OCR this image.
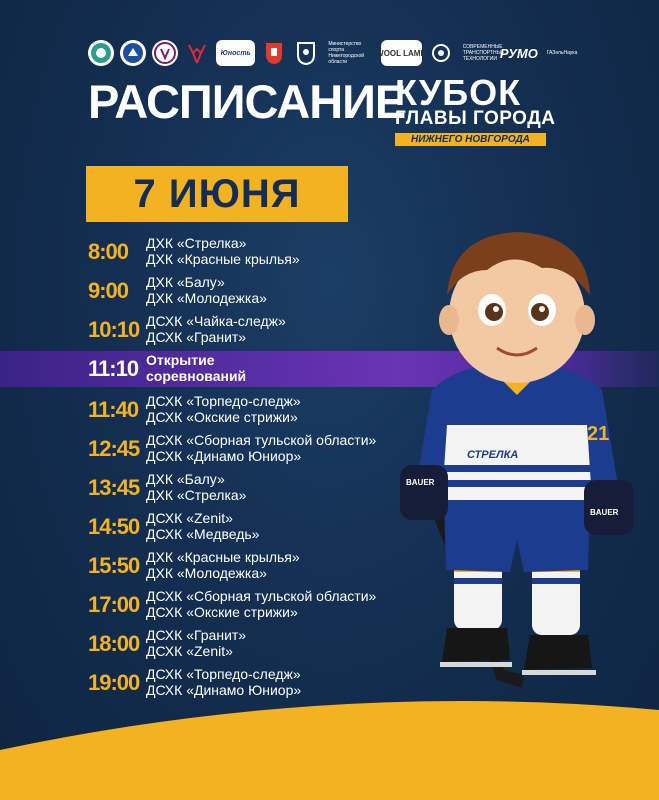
Юность
Министерство спорта Нижегородской области
WOOL LAMB
СОВРЕМЕННЫЕ ТРАНСПОРТНЫЕ ТЕХНОЛОГИИ РУМО ГАЗельНаука
РАСПИСАНИЕ
КУБОК
ГЛАВЫ ГОРОДА
НИЖНЕГО НОВГОРОДА
7 ИЮНЯ
8:00 ДХК «Стрелка»
ДХК «Красные крылья»
9:00 ДХК «Балу»
ДХК «Молодежка»
10:10 ДСХК «Чайка-следж»
ДСХК «Гранит»
11:10 Открытие
соревнований
11:40 ДСХК «Торпедо-следж»
ДСХК «Окские стрижи»
12:45 ДСХК «Сборная тульской области»
ДСХК «Динамо Юниор»
13:45 ДХК «Балу»
ДХК «Стрелка»
14:50 ДСХК «Zenit»
ДСХК «Медведь»
15:50 ДХК «Красные крылья»
ДХК «Молодежка»
17:00 ДСХК «Сборная тульской области»
ДСХК «Окские стрижи»
18:00 ДСХК «Гранит»
ДСХК «Zenit»
19:00 ДСХК «Торпедо-следж»
ДСХК «Динамо Юниор»
СТРЕЛКА
21
BAUER
BAUER
